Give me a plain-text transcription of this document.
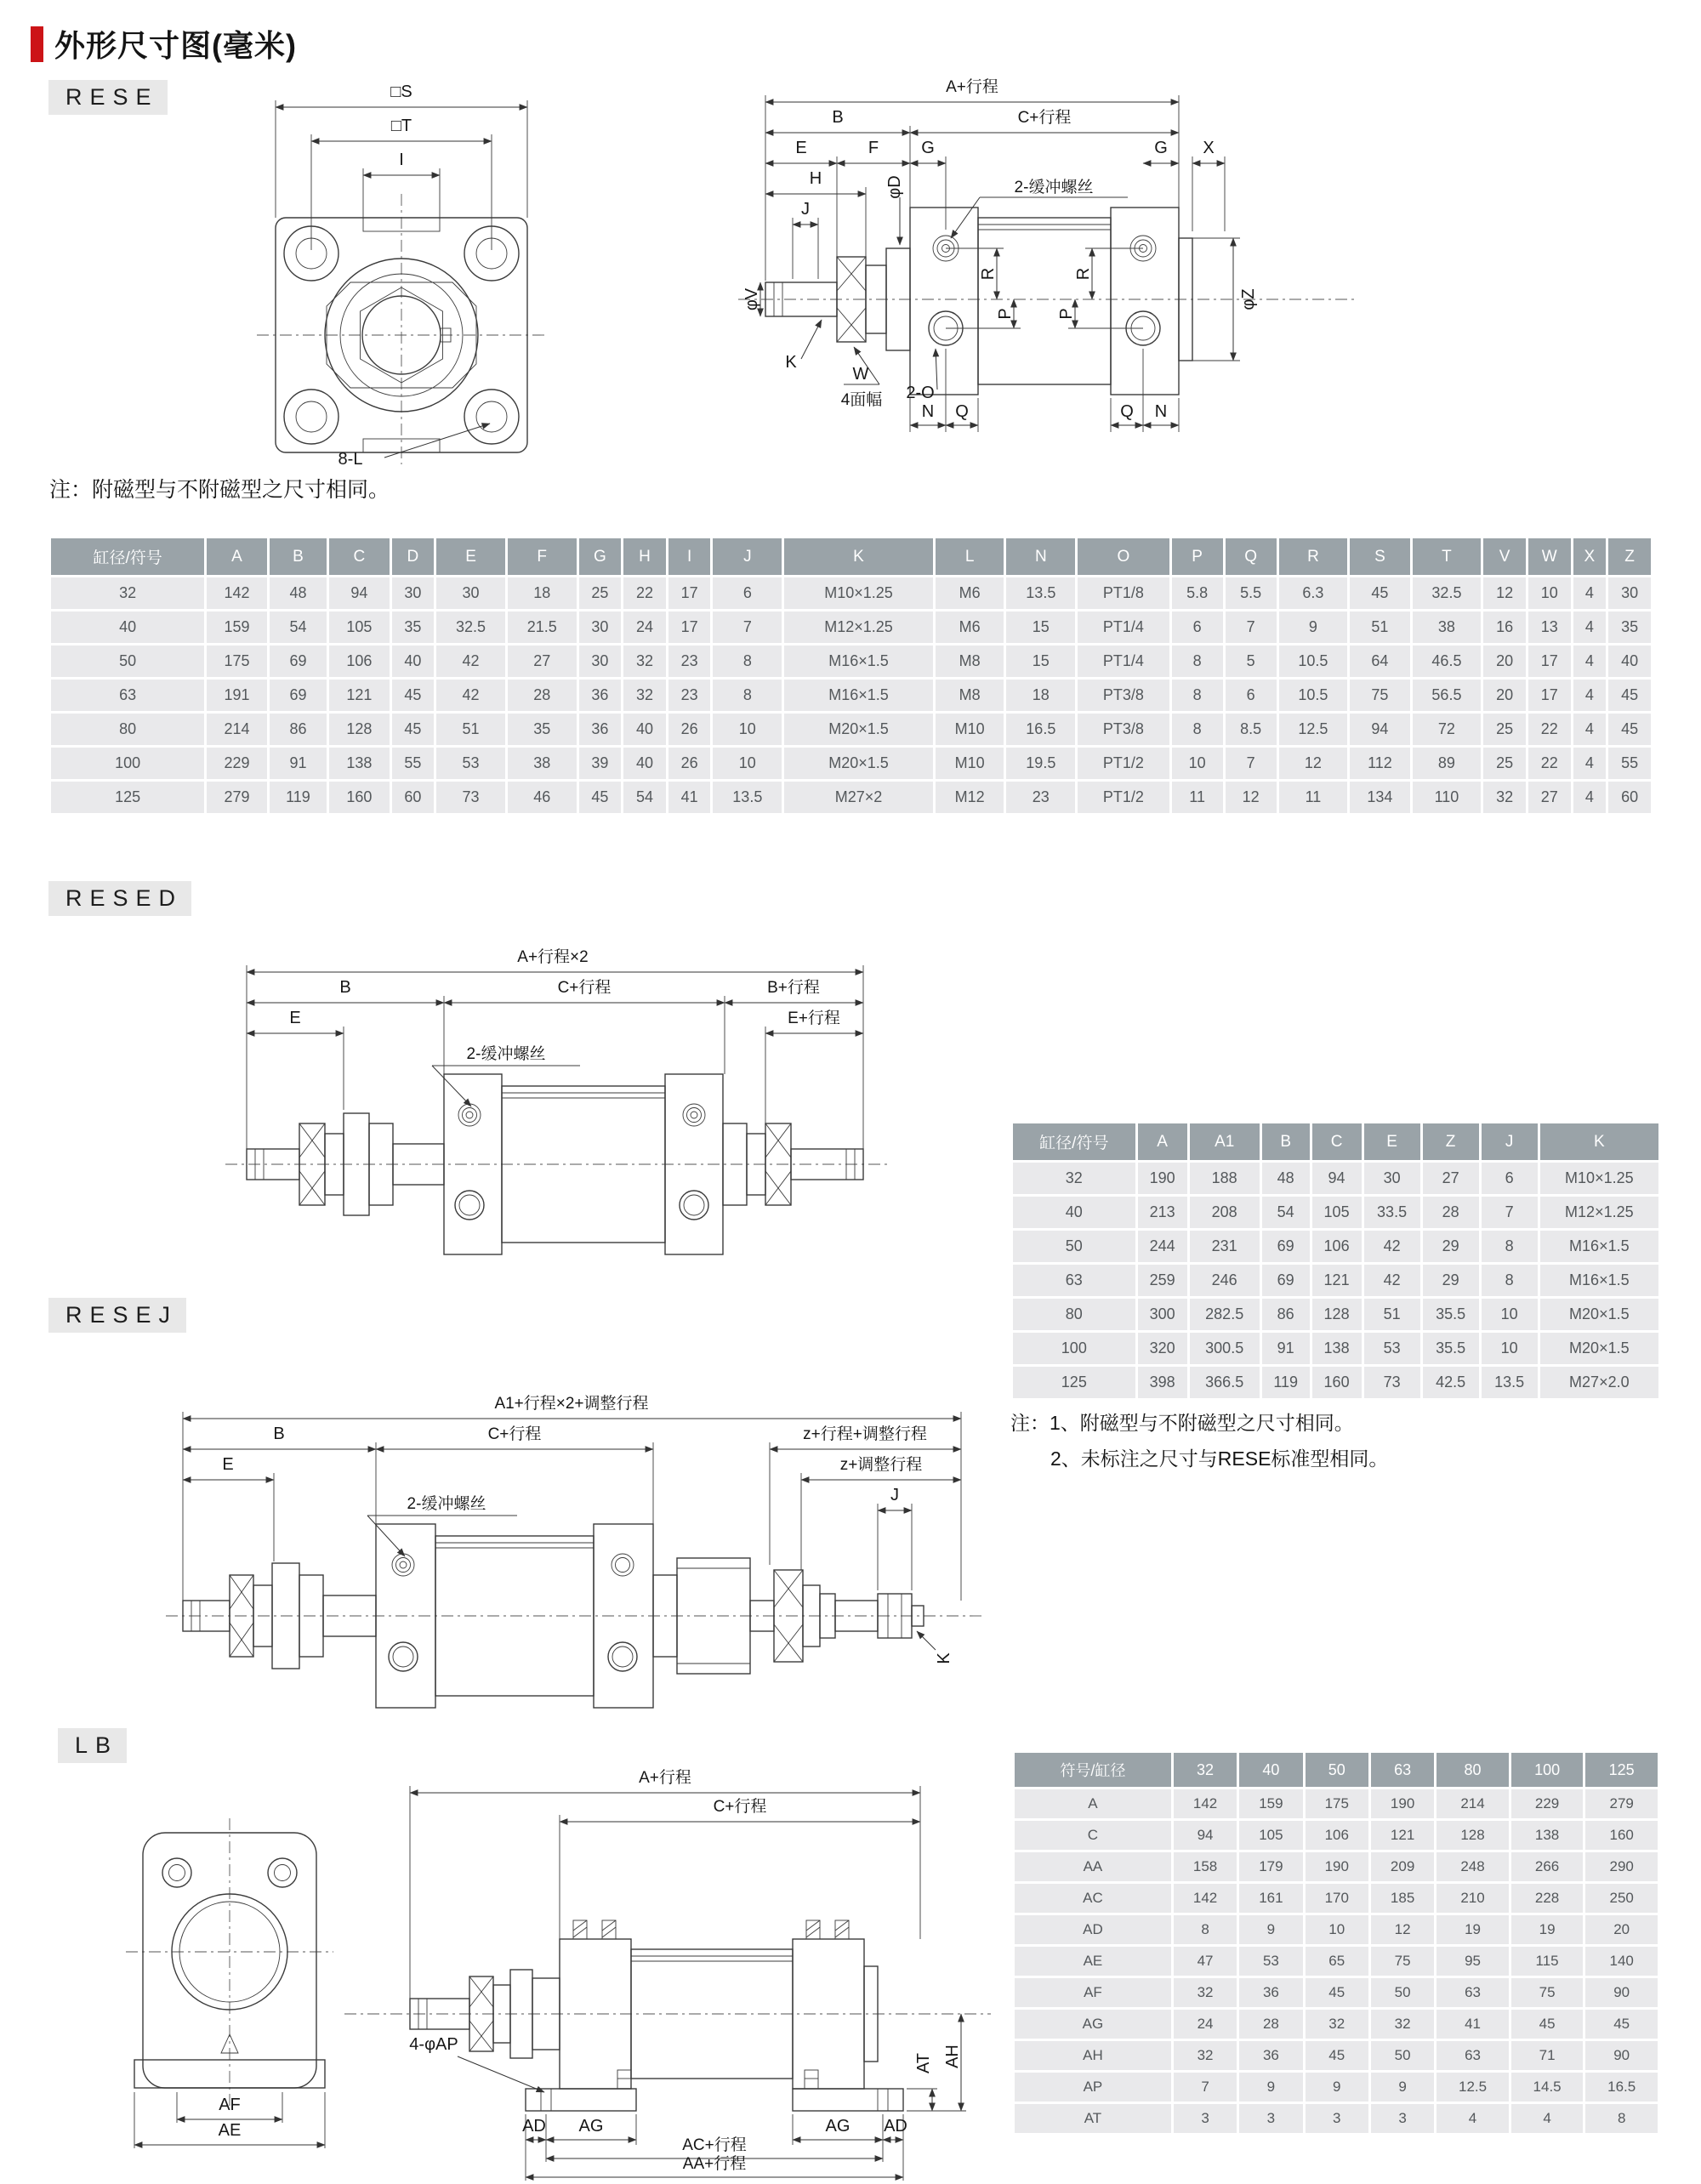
外形尺寸图(毫米)
RESE	□S
□T
I
8-L
A+行程
B	C+行程
E	F	G	G X
H
J
φD
φV
2-缓冲螺丝
R
P
R
P
φZ
K
W
4面幅 2-O
N Q	Q N
注：附磁型与不附磁型之尺寸相同。
缸径/符号	A	B	C	D	E	F	G	H	I	J	K	L	N	O	P	Q	R	S	T	V	W	X	Z
32	142	48	94	30	30	18	25	22	17	6	M10×1.25	M6	13.5	PT1/8	5.8	5.5	6.3	45	32.5	12	10	4	30
40	159	54	105	35	32.5	21.5	30	24	17	7	M12×1.25	M6	15	PT1/4	6	7	9	51	38	16	13	4	35
50	175	69	106	40	42	27	30	32	23	8	M16×1.5	M8	15	PT1/4	8	5	10.5	64	46.5	20	17	4	40
63	191	69	121	45	42	28	36	32	23	8	M16×1.5	M8	18	PT3/8	8	6	10.5	75	56.5	20	17	4	45
80	214	86	128	45	51	35	36	40	26	10	M20×1.5	M10	16.5	PT3/8	8	8.5	12.5	94	72	25	22	4	45
100	229	91	138	55	53	38	39	40	26	10	M20×1.5	M10	19.5	PT1/2	10	7	12	112	89	25	22	4	55
125	279	119	160	60	73	46	45	54	41	13.5	M27×2	M12	23	PT1/2	11	12	11	134	110	32	27	4	60
RESED
A+行程×2
B	C+行程	B+行程
E	E+行程
2-缓冲螺丝
缸径/符号	A	A1	B	C	E	Z	J	K
32	190	188	48	94	30	27	6	M10×1.25
40	213	208	54	105	33.5	28	7	M12×1.25
50	244	231	69	106	42	29	8	M16×1.5
63	259	246	69	121	42	29	8	M16×1.5
80	300	282.5	86	128	51	35.5	10	M20×1.5
100	320	300.5	91	138	53	35.5	10	M20×1.5
125	398	366.5	119	160	73	42.5	13.5	M27×2.0
注：1、附磁型与不附磁型之尺寸相同。
2、未标注之尺寸与RESE标准型相同。
RESEJ
A1+行程×2+调整行程
B	C+行程	z+行程+调整行程
E	z+调整行程
J
2-缓冲螺丝
K
LB
AF
AE
A+行程
C+行程
4-φAP
AD AG	AG AD
AC+行程
AA+行程
AT AH
符号/缸径	32	40	50	63	80	100	125
A	142	159	175	190	214	229	279
C	94	105	106	121	128	138	160
AA	158	179	190	209	248	266	290
AC	142	161	170	185	210	228	250
AD	8	9	10	12	19	19	20
AE	47	53	65	75	95	115	140
AF	32	36	45	50	63	75	90
AG	24	28	32	32	41	45	45
AH	32	36	45	50	63	71	90
AP	7	9	9	9	12.5	14.5	16.5
AT	3	3	3	3	4	4	8
